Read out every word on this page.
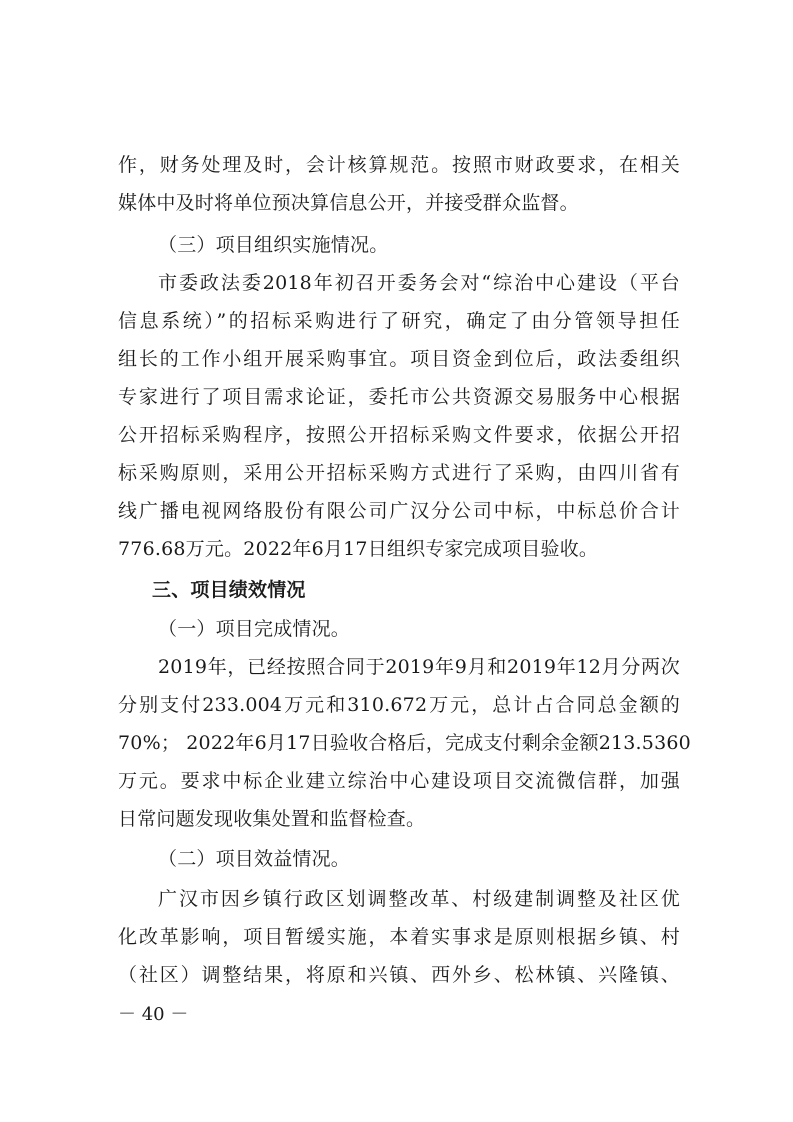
作，财务处理及时，会计核算规范。按照市财政要求，在相关
媒体中及时将单位预决算信息公开，并接受群众监督。
（三）项目组织实施情况。
市委政法委2018年初召开委务会对“综治中心建设（平台
信息系统）”的招标采购进行了研究，确定了由分管领导担任
组长的工作小组开展采购事宜。项目资金到位后，政法委组织
专家进行了项目需求论证，委托市公共资源交易服务中心根据
公开招标采购程序，按照公开招标采购文件要求，依据公开招
标采购原则，采用公开招标采购方式进行了采购，由四川省有
线广播电视网络股份有限公司广汉分公司中标，中标总价合计
776.68万元。2022年6月17日组织专家完成项目验收。
三、项目绩效情况
（一）项目完成情况。
2019年，已经按照合同于2019年9月和2019年12月分两次
分别支付233.004万元和310.672万元，总计占合同总金额的
70%； 2022年6月17日验收合格后，完成支付剩余金额213.5360
万元。要求中标企业建立综治中心建设项目交流微信群，加强
日常问题发现收集处置和监督检查。
（二）项目效益情况。
广汉市因乡镇行政区划调整改革、村级建制调整及社区优
化改革影响，项目暂缓实施，本着实事求是原则根据乡镇、村
（社区）调整结果，将原和兴镇、西外乡、松林镇、兴隆镇、
－ 40 －
